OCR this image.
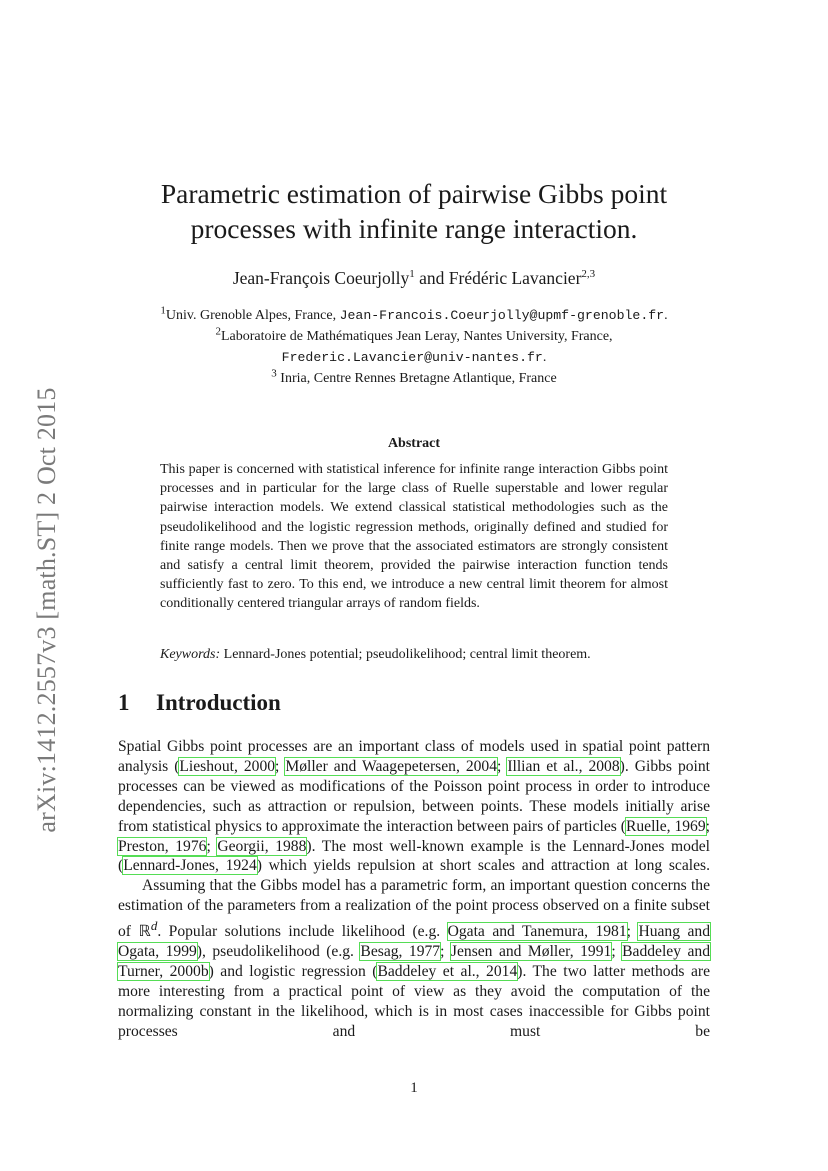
arXiv:1412.2557v3 [math.ST] 2 Oct 2015
Parametric estimation of pairwise Gibbs point
processes with infinite range interaction.
Jean-François Coeurjolly$^1$ and Frédéric Lavancier$^{2,3}$
$^1$Univ. Grenoble Alpes, France, Jean-Francois.Coeurjolly@upmf-grenoble.fr.
$^2$Laboratoire de Mathématiques Jean Leray, Nantes University, France,
Frederic.Lavancier@univ-nantes.fr.
$^3$ Inria, Centre Rennes Bretagne Atlantique, France
Abstract
This paper is concerned with statistical inference for infinite range interaction Gibbs point processes and in particular for the large class of Ruelle superstable and lower regular pairwise interaction models. We extend classical statistical methodologies such as the pseudolikelihood and the logistic regression methods, originally defined and studied for finite range models. Then we prove that the associated estimators are strongly consistent and satisfy a central limit theorem, provided the pairwise interaction function tends sufficiently fast to zero. To this end, we introduce a new central limit theorem for almost conditionally centered triangular arrays of random fields.
Keywords: Lennard-Jones potential; pseudolikelihood; central limit theorem.
1 Introduction

Spatial Gibbs point processes are an important class of models used in spatial point pattern analysis (Lieshout, 2000; Møller and Waagepetersen, 2004; Illian et al., 2008). Gibbs point processes can be viewed as modifications of the Poisson point process in order to introduce dependencies, such as attraction or repulsion, between points. These models initially arise from statistical physics to approximate the interaction between pairs of particles (Ruelle, 1969; Preston, 1976; Georgii, 1988). The most well-known example is the Lennard-Jones model (Lennard-Jones, 1924) which yields repulsion at short scales and attraction at long scales.

Assuming that the Gibbs model has a parametric form, an important question concerns the estimation of the parameters from a realization of the point process observed on a finite subset of ℝ$^d$. Popular solutions include likelihood (e.g. Ogata and Tanemura, 1981; Huang and Ogata, 1999), pseudolikelihood (e.g. Besag, 1977; Jensen and Møller, 1991; Baddeley and Turner, 2000b) and logistic regression (Baddeley et al., 2014). The two latter methods are more interesting from a practical point of view as they avoid the computation of the normalizing constant in the likelihood, which is in most cases inaccessible for Gibbs point processes and must be

1
